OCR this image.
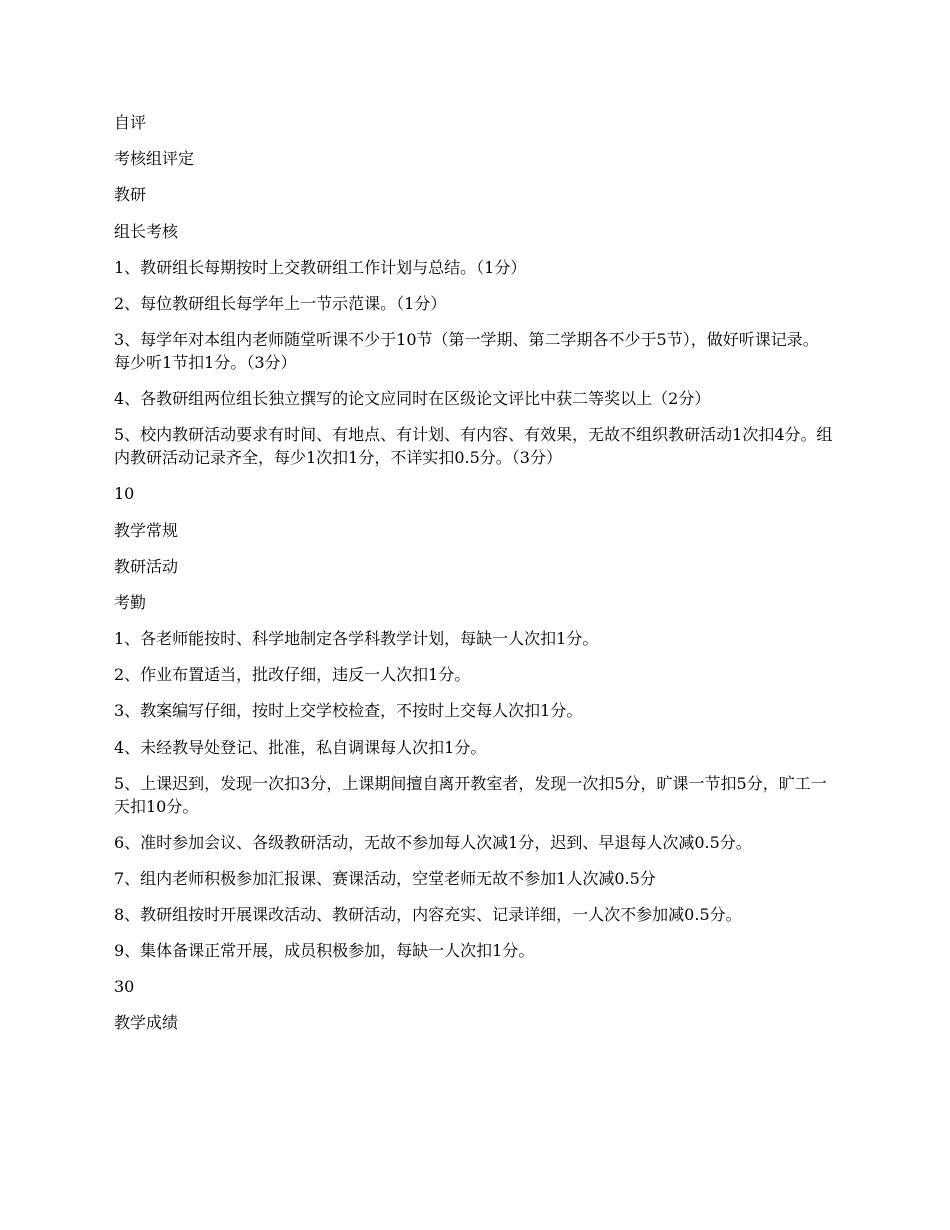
自评
考核组评定
教研
组长考核
1、教研组长每期按时上交教研组工作计划与总结。（1分）
2、每位教研组长每学年上一节示范课。（1分）
3、每学年对本组内老师随堂听课不少于10节（第一学期、第二学期各不少于5节），做好听课记录。每少听1节扣1分。（3分）
4、各教研组两位组长独立撰写的论文应同时在区级论文评比中获二等奖以上（2分）
5、校内教研活动要求有时间、有地点、有计划、有内容、有效果，无故不组织教研活动1次扣4分。组内教研活动记录齐全，每少1次扣1分，不详实扣0.5分。（3分）
10
教学常规
教研活动
考勤
1、各老师能按时、科学地制定各学科教学计划，每缺一人次扣1分。
2、作业布置适当，批改仔细，违反一人次扣1分。
3、教案编写仔细，按时上交学校检查，不按时上交每人次扣1分。
4、未经教导处登记、批准，私自调课每人次扣1分。
5、上课迟到，发现一次扣3分，上课期间擅自离开教室者，发现一次扣5分，旷课一节扣5分，旷工一天扣10分。
6、准时参加会议、各级教研活动，无故不参加每人次减1分，迟到、早退每人次减0.5分。
7、组内老师积极参加汇报课、赛课活动，空堂老师无故不参加1人次减0.5分
8、教研组按时开展课改活动、教研活动，内容充实、记录详细，一人次不参加减0.5分。
9、集体备课正常开展，成员积极参加，每缺一人次扣1分。
30
教学成绩
